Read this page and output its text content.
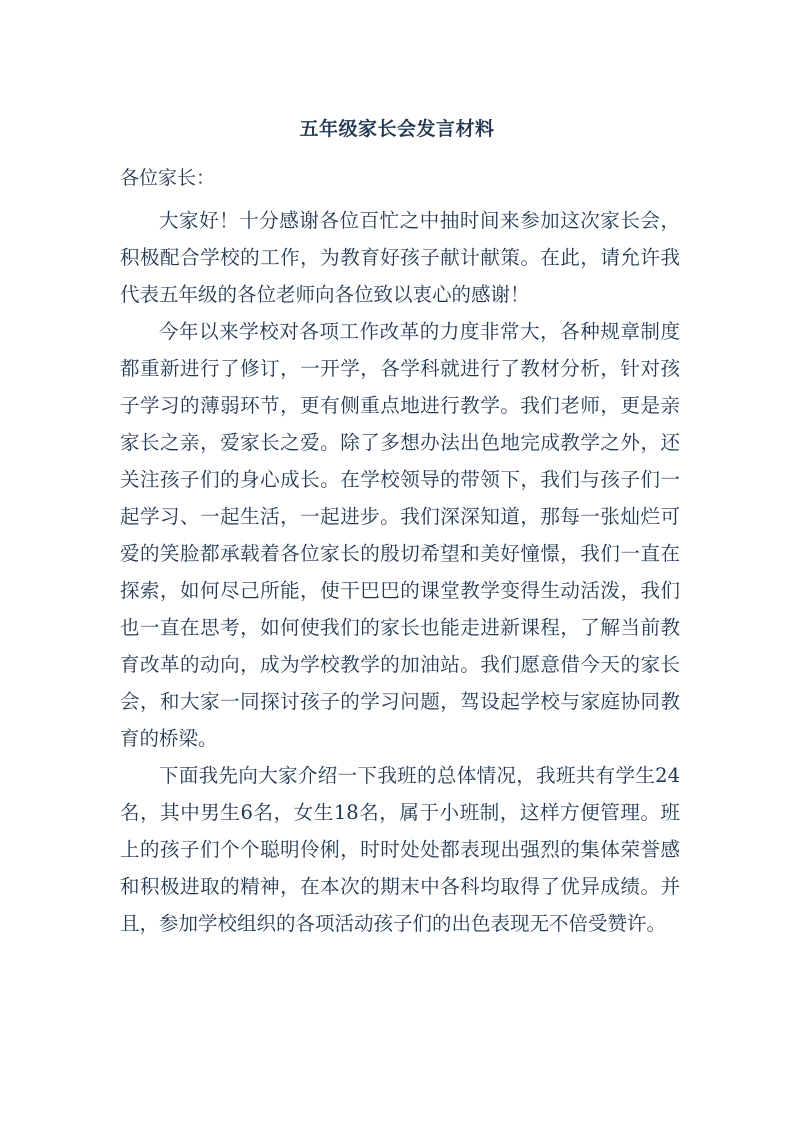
五年级家长会发言材料
各位家长：

大家好！十分感谢各位百忙之中抽时间来参加这次家长会，积极配合学校的工作，为教育好孩子献计献策。在此，请允许我代表五年级的各位老师向各位致以衷心的感谢！

今年以来学校对各项工作改革的力度非常大，各种规章制度都重新进行了修订，一开学，各学科就进行了教材分析，针对孩子学习的薄弱环节，更有侧重点地进行教学。我们老师，更是亲家长之亲，爱家长之爱。除了多想办法出色地完成教学之外，还关注孩子们的身心成长。在学校领导的带领下，我们与孩子们一起学习、一起生活，一起进步。我们深深知道，那每一张灿烂可爱的笑脸都承载着各位家长的殷切希望和美好憧憬，我们一直在探索，如何尽己所能，使干巴巴的课堂教学变得生动活泼，我们也一直在思考，如何使我们的家长也能走进新课程，了解当前教育改革的动向，成为学校教学的加油站。我们愿意借今天的家长会，和大家一同探讨孩子的学习问题，驾设起学校与家庭协同教育的桥梁。

下面我先向大家介绍一下我班的总体情况，我班共有学生24名，其中男生6名，女生18名，属于小班制，这样方便管理。班上的孩子们个个聪明伶俐，时时处处都表现出强烈的集体荣誉感和积极进取的精神，在本次的期末中各科均取得了优异成绩。并且，参加学校组织的各项活动孩子们的出色表现无不倍受赞许。
